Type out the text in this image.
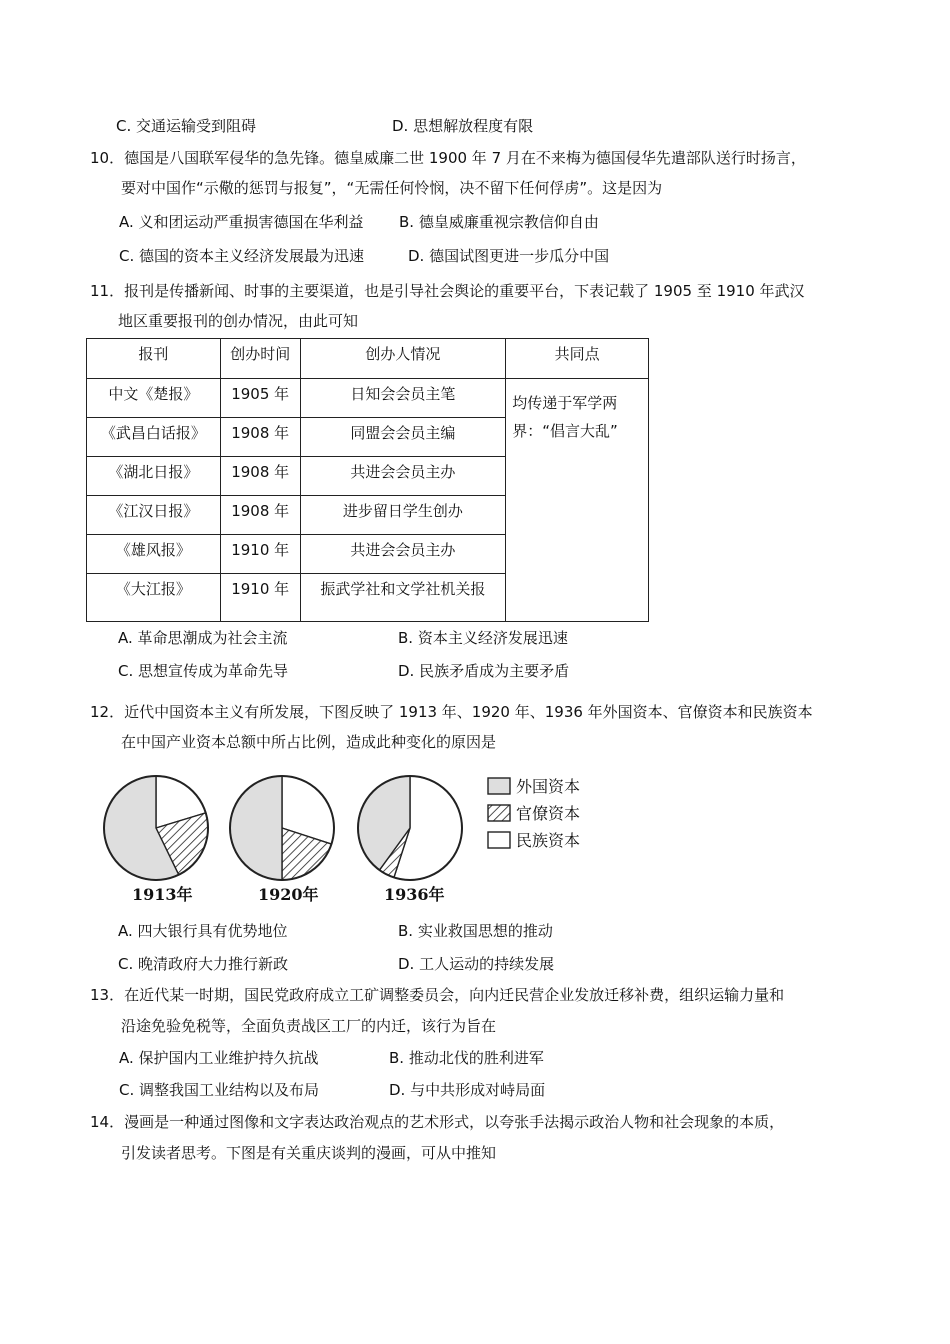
C. 交通运输受到阻碍	D. 思想解放程度有限
10．德国是八国联军侵华的急先锋。德皇威廉二世 1900 年 7 月在不来梅为德国侵华先遣部队送行时扬言，
要对中国作“示儆的惩罚与报复”，“无需任何怜悯，决不留下任何俘虏”。这是因为
A. 义和团运动严重损害德国在华利益 B. 德皇威廉重视宗教信仰自由
C. 德国的资本主义经济发展最为迅速	D. 德国试图更进一步瓜分中国
11．报刊是传播新闻、时事的主要渠道，也是引导社会舆论的重要平台，下表记载了 1905 至 1910 年武汉
地区重要报刊的创办情况，由此可知
报刊	创办时间	创办人情况	共同点
中文《楚报》	1905 年	日知会会员主笔	均传递于军学两界：“倡言大乱”
《武昌白话报》	1908 年	同盟会会员主编	
《湖北日报》	1908 年	共进会会员主办	
《江汉日报》	1908 年	进步留日学生创办	
《雄风报》	1910 年	共进会会员主办	
《大江报》	1910 年	振武学社和文学社机关报	
A. 革命思潮成为社会主流	B. 资本主义经济发展迅速
C. 思想宣传成为革命先导	D. 民族矛盾成为主要矛盾
12．近代中国资本主义有所发展，下图反映了 1913 年、1920 年、1936 年外国资本、官僚资本和民族资本
在中国产业资本总额中所占比例，造成此种变化的原因是
1913年	1920年	1936年
外国资本
官僚资本
民族资本
A. 四大银行具有优势地位	B. 实业救国思想的推动
C. 晚清政府大力推行新政	D. 工人运动的持续发展
13．在近代某一时期，国民党政府成立工矿调整委员会，向内迁民营企业发放迁移补费，组织运输力量和
沿途免验免税等，全面负责战区工厂的内迁，该行为旨在
A. 保护国内工业维护持久抗战	B. 推动北伐的胜利进军
C. 调整我国工业结构以及布局	D. 与中共形成对峙局面
14．漫画是一种通过图像和文字表达政治观点的艺术形式，以夸张手法揭示政治人物和社会现象的本质，
引发读者思考。下图是有关重庆谈判的漫画，可从中推知
